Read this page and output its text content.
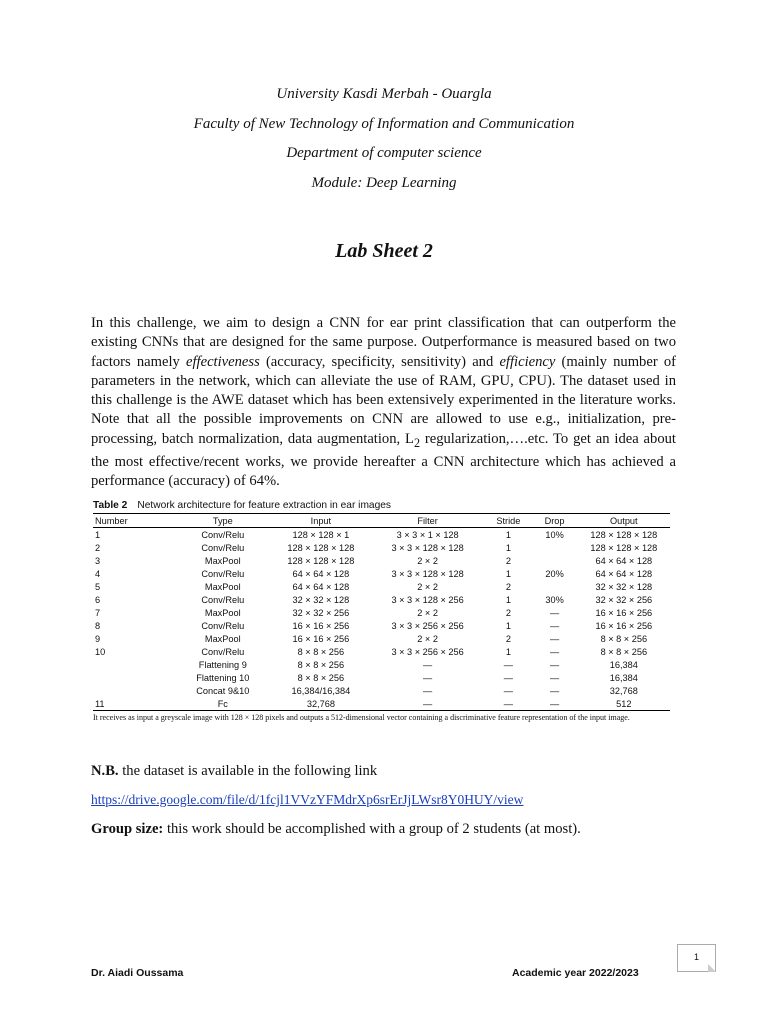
University Kasdi Merbah - Ouargla
Faculty of New Technology of Information and Communication
Department of computer science
Module: Deep Learning
Lab Sheet 2
In this challenge, we aim to design a CNN for ear print classification that can outperform the existing CNNs that are designed for the same purpose. Outperformance is measured based on two factors namely effectiveness (accuracy, specificity, sensitivity) and efficiency (mainly number of parameters in the network, which can alleviate the use of RAM, GPU, CPU). The dataset used in this challenge is the AWE dataset which has been extensively experimented in the literature works. Note that all the possible improvements on CNN are allowed to use e.g., initialization, pre-processing, batch normalization, data augmentation, $L_2$ regularization,….etc. To get an idea about the most effective/recent works, we provide hereafter a CNN architecture which has achieved a performance (accuracy) of 64%.
Table 2 Network architecture for feature extraction in ear images
Number	Type	Input	Filter	Stride	Drop	Output
1	Conv/Relu	128 × 128 × 1	3 × 3 × 1 × 128	1	10%	128 × 128 × 128
2	Conv/Relu	128 × 128 × 128	3 × 3 × 128 × 128	1		128 × 128 × 128
3	MaxPool	128 × 128 × 128	2 × 2	2		64 × 64 × 128
4	Conv/Relu	64 × 64 × 128	3 × 3 × 128 × 128	1	20%	64 × 64 × 128
5	MaxPool	64 × 64 × 128	2 × 2	2		32 × 32 × 128
6	Conv/Relu	32 × 32 × 128	3 × 3 × 128 × 256	1	30%	32 × 32 × 256
7	MaxPool	32 × 32 × 256	2 × 2	2	—	16 × 16 × 256
8	Conv/Relu	16 × 16 × 256	3 × 3 × 256 × 256	1	—	16 × 16 × 256
9	MaxPool	16 × 16 × 256	2 × 2	2	—	8 × 8 × 256
10	Conv/Relu	8 × 8 × 256	3 × 3 × 256 × 256	1	—	8 × 8 × 256
	Flattening 9	8 × 8 × 256	—	—	—	16,384
	Flattening 10	8 × 8 × 256	—	—	—	16,384
	Concat 9&10	16,384/16,384	—	—	—	32,768
11	Fc	32,768	—	—	—	512
It receives as input a greyscale image with 128 × 128 pixels and outputs a 512-dimensional vector containing a discriminative feature representation of the input image.
N.B. the dataset is available in the following link
https://drive.google.com/file/d/1fcjl1VVzYFMdrXp6srErJjLWsr8Y0HUY/view
Group size: this work should be accomplished with a group of 2 students (at most).
1
Dr. Aiadi Oussama	Academic year 2022/2023
